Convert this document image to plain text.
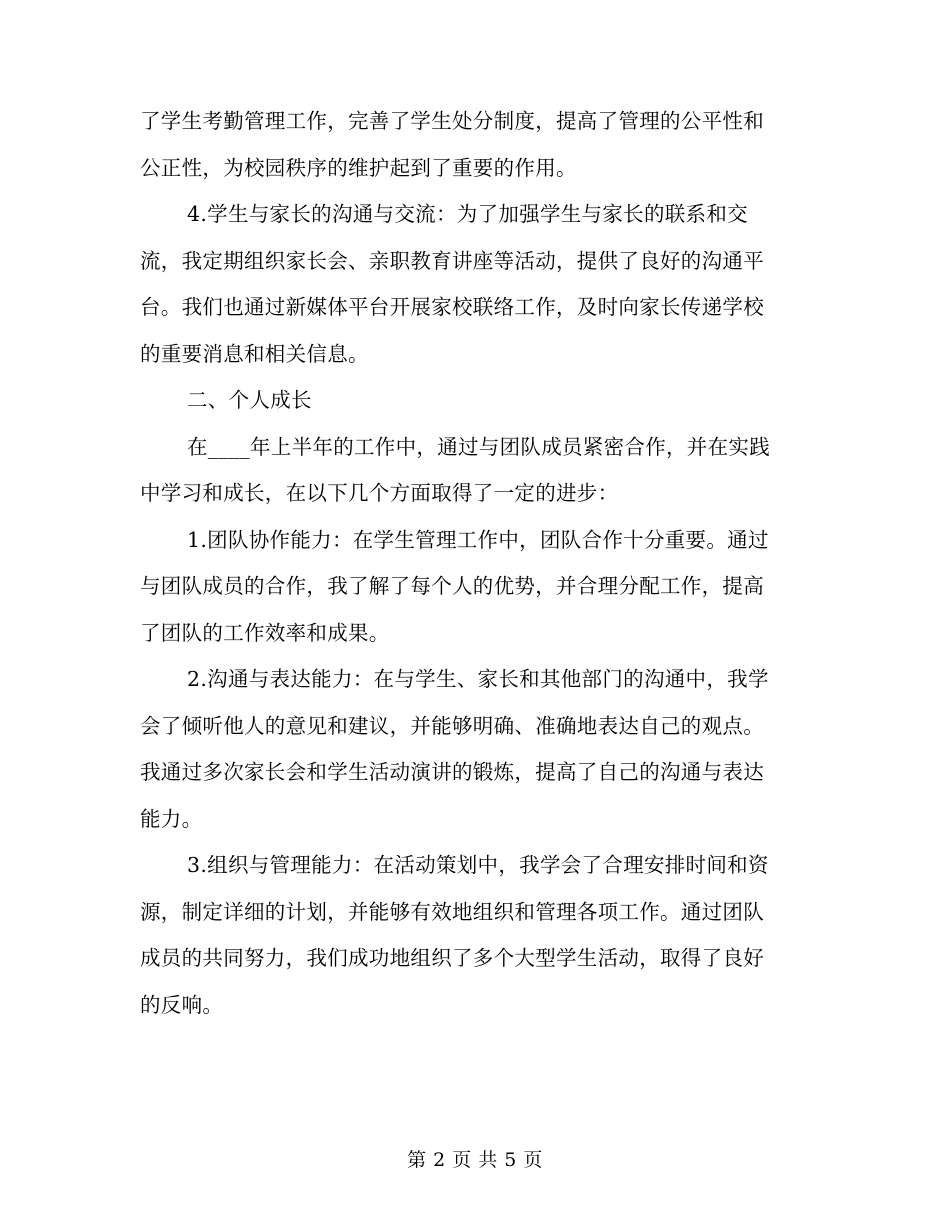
了学生考勤管理工作，完善了学生处分制度，提高了管理的公平性和
公正性，为校园秩序的维护起到了重要的作用。
4.学生与家长的沟通与交流：为了加强学生与家长的联系和交
流，我定期组织家长会、亲职教育讲座等活动，提供了良好的沟通平
台。我们也通过新媒体平台开展家校联络工作，及时向家长传递学校
的重要消息和相关信息。
二、个人成长
在____年上半年的工作中，通过与团队成员紧密合作，并在实践
中学习和成长，在以下几个方面取得了一定的进步：
1.团队协作能力：在学生管理工作中，团队合作十分重要。通过
与团队成员的合作，我了解了每个人的优势，并合理分配工作，提高
了团队的工作效率和成果。
2.沟通与表达能力：在与学生、家长和其他部门的沟通中，我学
会了倾听他人的意见和建议，并能够明确、准确地表达自己的观点。
我通过多次家长会和学生活动演讲的锻炼，提高了自己的沟通与表达
能力。
3.组织与管理能力：在活动策划中，我学会了合理安排时间和资
源，制定详细的计划，并能够有效地组织和管理各项工作。通过团队
成员的共同努力，我们成功地组织了多个大型学生活动，取得了良好
的反响。
第 2 页 共 5 页
